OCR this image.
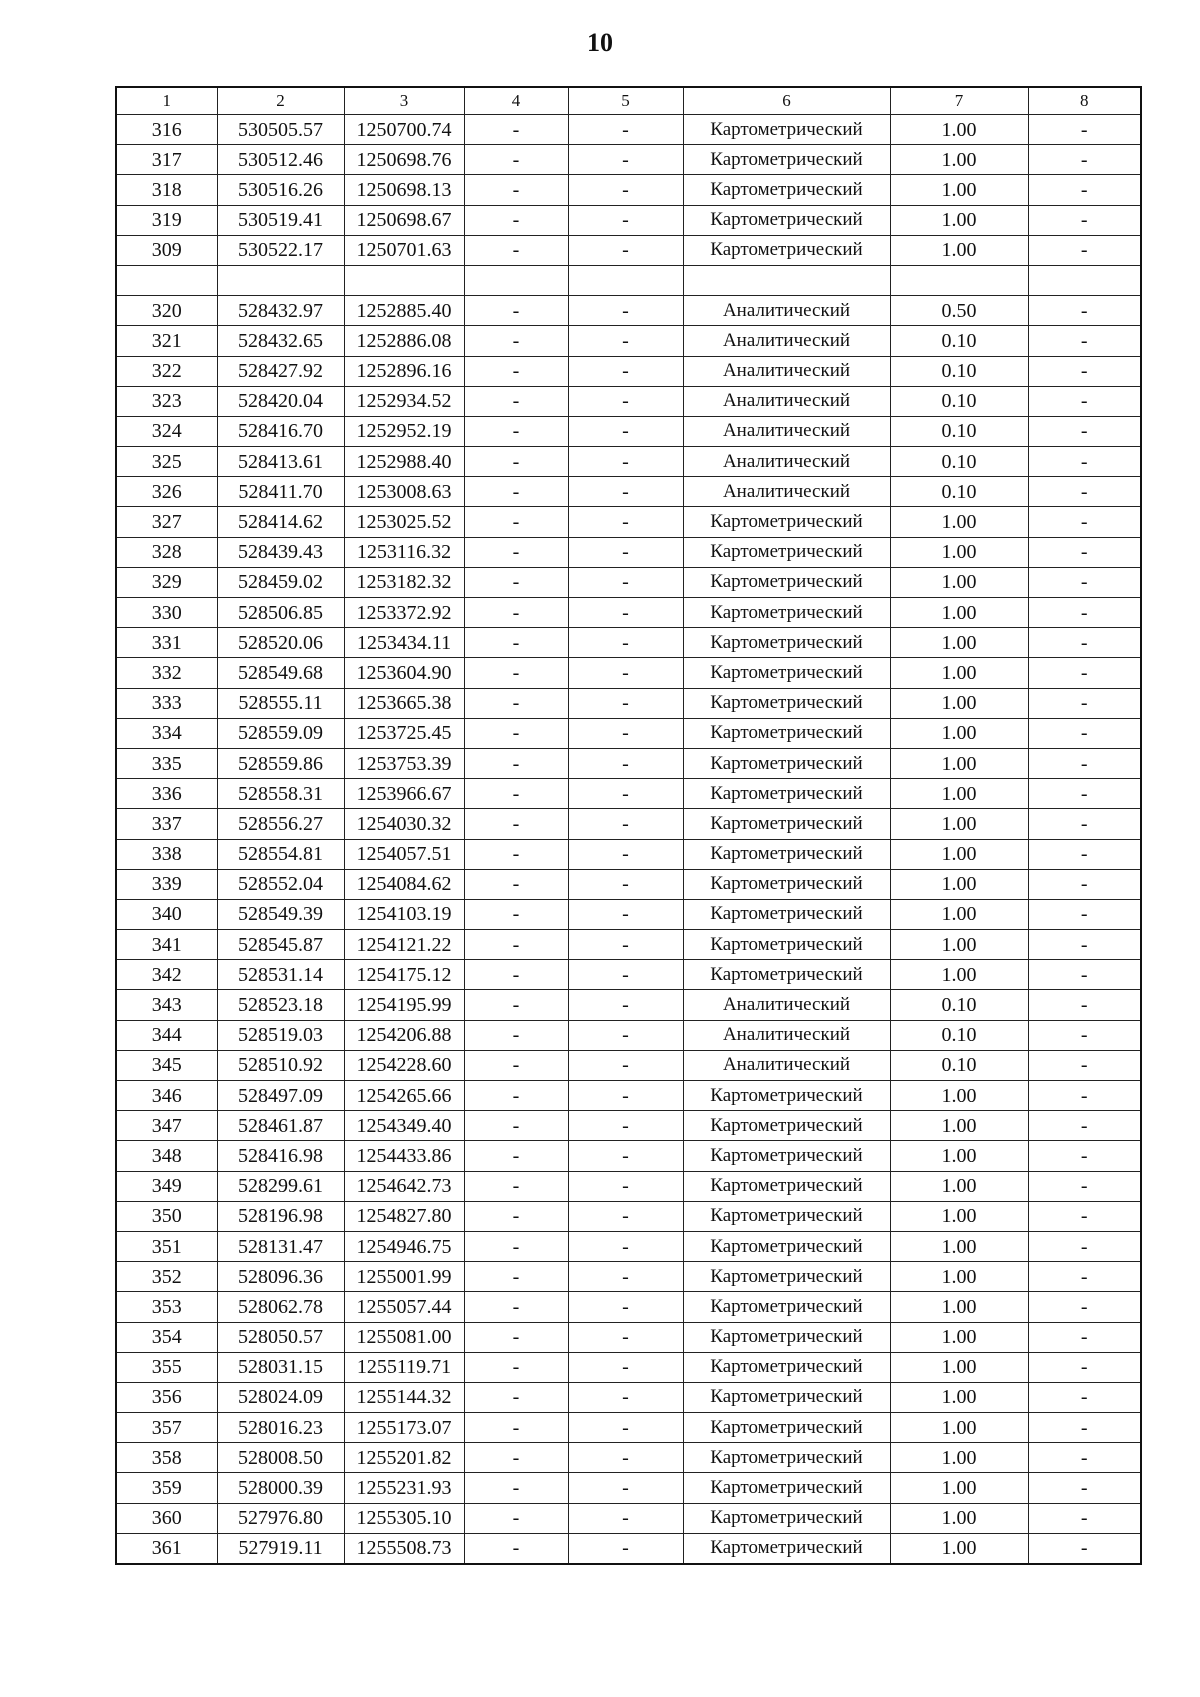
10
1	2	3	4	5	6	7	8
316	530505.57	1250700.74	-	-	Картометрический	1.00	-
317	530512.46	1250698.76	-	-	Картометрический	1.00	-
318	530516.26	1250698.13	-	-	Картометрический	1.00	-
319	530519.41	1250698.67	-	-	Картометрический	1.00	-
309	530522.17	1250701.63	-	-	Картометрический	1.00	-

320	528432.97	1252885.40	-	-	Аналитический	0.50	-
321	528432.65	1252886.08	-	-	Аналитический	0.10	-
322	528427.92	1252896.16	-	-	Аналитический	0.10	-
323	528420.04	1252934.52	-	-	Аналитический	0.10	-
324	528416.70	1252952.19	-	-	Аналитический	0.10	-
325	528413.61	1252988.40	-	-	Аналитический	0.10	-
326	528411.70	1253008.63	-	-	Аналитический	0.10	-
327	528414.62	1253025.52	-	-	Картометрический	1.00	-
328	528439.43	1253116.32	-	-	Картометрический	1.00	-
329	528459.02	1253182.32	-	-	Картометрический	1.00	-
330	528506.85	1253372.92	-	-	Картометрический	1.00	-
331	528520.06	1253434.11	-	-	Картометрический	1.00	-
332	528549.68	1253604.90	-	-	Картометрический	1.00	-
333	528555.11	1253665.38	-	-	Картометрический	1.00	-
334	528559.09	1253725.45	-	-	Картометрический	1.00	-
335	528559.86	1253753.39	-	-	Картометрический	1.00	-
336	528558.31	1253966.67	-	-	Картометрический	1.00	-
337	528556.27	1254030.32	-	-	Картометрический	1.00	-
338	528554.81	1254057.51	-	-	Картометрический	1.00	-
339	528552.04	1254084.62	-	-	Картометрический	1.00	-
340	528549.39	1254103.19	-	-	Картометрический	1.00	-
341	528545.87	1254121.22	-	-	Картометрический	1.00	-
342	528531.14	1254175.12	-	-	Картометрический	1.00	-
343	528523.18	1254195.99	-	-	Аналитический	0.10	-
344	528519.03	1254206.88	-	-	Аналитический	0.10	-
345	528510.92	1254228.60	-	-	Аналитический	0.10	-
346	528497.09	1254265.66	-	-	Картометрический	1.00	-
347	528461.87	1254349.40	-	-	Картометрический	1.00	-
348	528416.98	1254433.86	-	-	Картометрический	1.00	-
349	528299.61	1254642.73	-	-	Картометрический	1.00	-
350	528196.98	1254827.80	-	-	Картометрический	1.00	-
351	528131.47	1254946.75	-	-	Картометрический	1.00	-
352	528096.36	1255001.99	-	-	Картометрический	1.00	-
353	528062.78	1255057.44	-	-	Картометрический	1.00	-
354	528050.57	1255081.00	-	-	Картометрический	1.00	-
355	528031.15	1255119.71	-	-	Картометрический	1.00	-
356	528024.09	1255144.32	-	-	Картометрический	1.00	-
357	528016.23	1255173.07	-	-	Картометрический	1.00	-
358	528008.50	1255201.82	-	-	Картометрический	1.00	-
359	528000.39	1255231.93	-	-	Картометрический	1.00	-
360	527976.80	1255305.10	-	-	Картометрический	1.00	-
361	527919.11	1255508.73	-	-	Картометрический	1.00	-
